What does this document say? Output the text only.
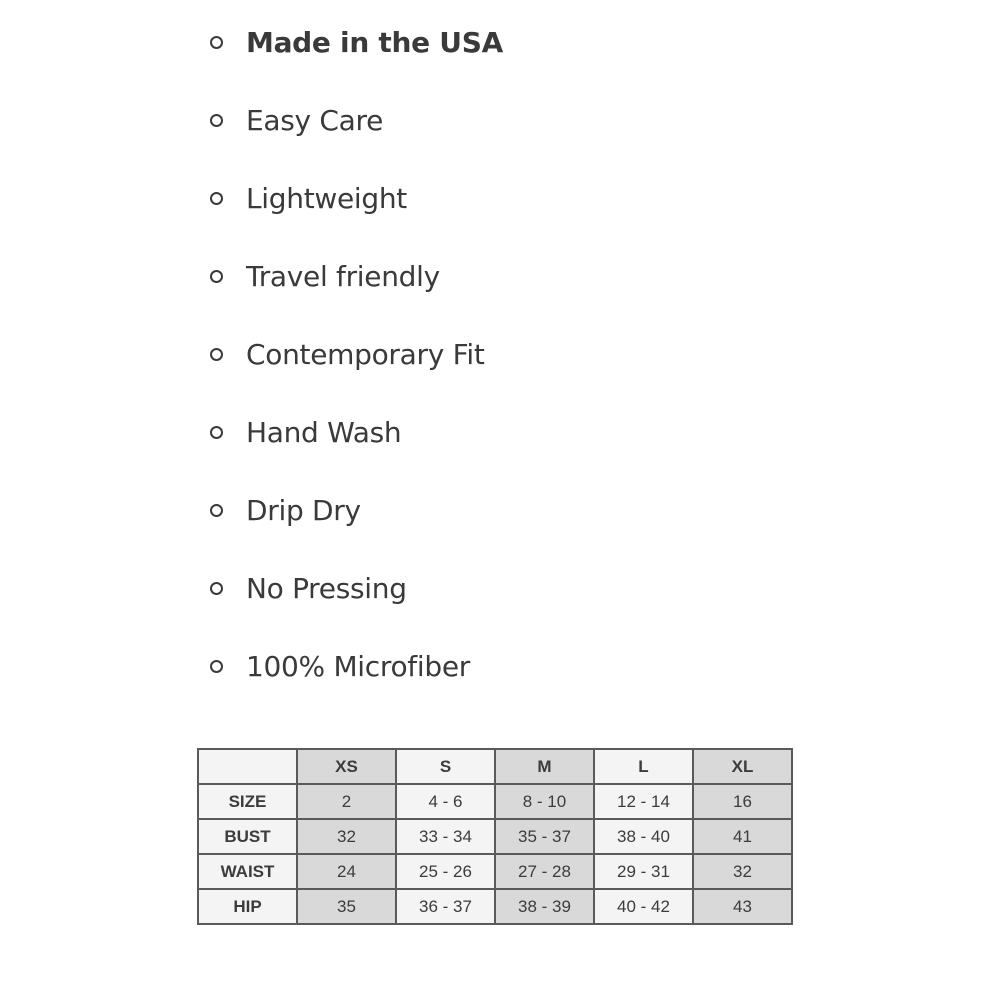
Made in the USA
Easy Care
Lightweight
Travel friendly
Contemporary Fit
Hand Wash
Drip Dry
No Pressing
100% Microfiber
	XS	S	M	L	XL
SIZE	2	4 - 6	8 - 10	12 - 14	16
BUST	32	33 - 34	35 - 37	38 - 40	41
WAIST	24	25 - 26	27 - 28	29 - 31	32
HIP	35	36 - 37	38 - 39	40 - 42	43
